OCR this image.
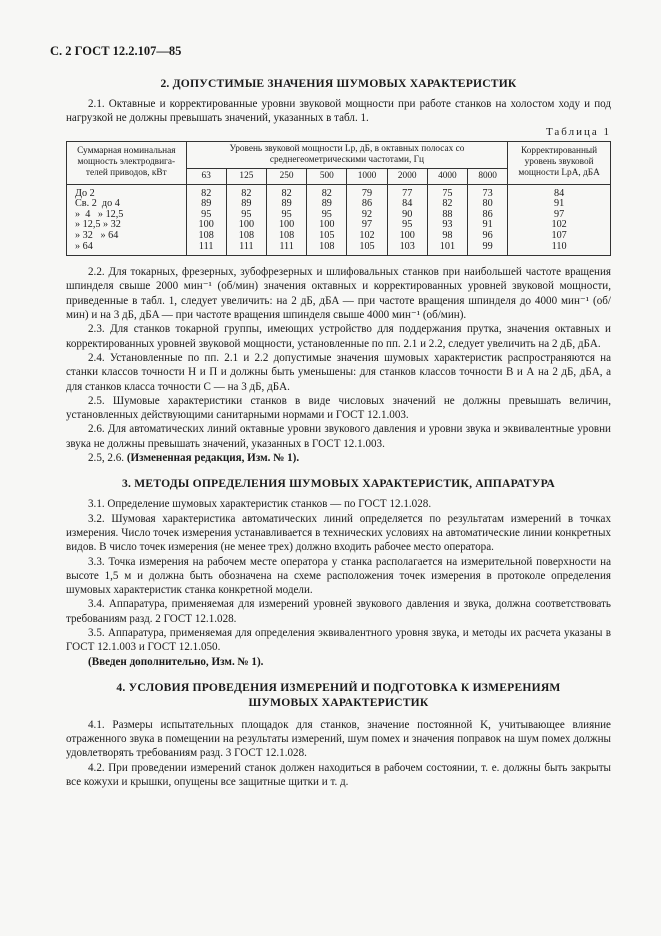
С. 2 ГОСТ 12.2.107—85
2. ДОПУСТИМЫЕ ЗНАЧЕНИЯ ШУМОВЫХ ХАРАКТЕРИСТИК

2.1. Октавные и корректированные уровни звуковой мощности при работе станков на холостом ходу и под нагрузкой не должны превышать значений, указанных в табл. 1.

Таблица 1
Суммарная номинальная мощность электродвигателей приводов, кВт	Уровень звуковой мощности Lp, дБ, в октавных полосах со среднегеометрическими частотами, Гц								Корректированный уровень звуковой мощности LpA, дБA
	63	125	250	500	1000	2000	4000	8000	
До 2	82	82	82	82	79	77	75	73	84
Св. 2  до 4	89	89	89	89	86	84	82	80	91
»  4   » 12,5	95	95	95	95	92	90	88	86	97
» 12,5 » 32	100	100	100	100	97	95	93	91	102
» 32   » 64	108	108	108	105	102	100	98	96	107
» 64	111	111	111	108	105	103	101	99	110

2.2. Для токарных, фрезерных, зубофрезерных и шлифовальных станков при наибольшей частоте вращения шпинделя свыше 2000 мин⁻¹ (об/мин) значения октавных и корректированных уровней звуковой мощности, приведенные в табл. 1, следует увеличить: на 2 дБ, дБA — при частоте вращения шпинделя до 4000 мин⁻¹ (об/мин) и на 3 дБ, дБA — при частоте вращения шпинделя свыше 4000 мин⁻¹ (об/мин).

2.3. Для станков токарной группы, имеющих устройство для поддержания прутка, значения октавных и корректированных уровней звуковой мощности, установленные по пп. 2.1 и 2.2, следует увеличить на 2 дБ, дБA.

2.4. Установленные по пп. 2.1 и 2.2 допустимые значения шумовых характеристик распространяются на станки классов точности Н и П и должны быть уменьшены: для станков классов точности В и А на 2 дБ, дБA, а для станков класса точности С — на 3 дБ, дБA.

2.5. Шумовые характеристики станков в виде числовых значений не должны превышать величин, установленных действующими санитарными нормами и ГОСТ 12.1.003.

2.6. Для автоматических линий октавные уровни звукового давления и уровни звука и эквивалентные уровни звука не должны превышать значений, указанных в ГОСТ 12.1.003.

2.5, 2.6. (Измененная редакция, Изм. № 1).

3. МЕТОДЫ ОПРЕДЕЛЕНИЯ ШУМОВЫХ ХАРАКТЕРИСТИК, АППАРАТУРА

3.1. Определение шумовых характеристик станков — по ГОСТ 12.1.028.

3.2. Шумовая характеристика автоматических линий определяется по результатам измерений в точках измерения. Число точек измерения устанавливается в технических условиях на автоматические линии конкретных видов. В число точек измерения (не менее трех) должно входить рабочее место оператора.

3.3. Точка измерения на рабочем месте оператора у станка располагается на измерительной поверхности на высоте 1,5 м и должна быть обозначена на схеме расположения точек измерения в протоколе определения шумовых характеристик станка конкретной модели.

3.4. Аппаратура, применяемая для измерений уровней звукового давления и звука, должна соответствовать требованиям разд. 2 ГОСТ 12.1.028.

3.5. Аппаратура, применяемая для определения эквивалентного уровня звука, и методы их расчета указаны в ГОСТ 12.1.003 и ГОСТ 12.1.050.

(Введен дополнительно, Изм. № 1).

4. УСЛОВИЯ ПРОВЕДЕНИЯ ИЗМЕРЕНИЙ И ПОДГОТОВКА К ИЗМЕРЕНИЯМ
ШУМОВЫХ ХАРАКТЕРИСТИК

4.1. Размеры испытательных площадок для станков, значение постоянной K, учитывающее влияние отраженного звука в помещении на результаты измерений, шум помех и значения поправок на шум помех должны удовлетворять требованиям разд. 3 ГОСТ 12.1.028.

4.2. При проведении измерений станок должен находиться в рабочем состоянии, т. е. должны быть закрыты все кожухи и крышки, опущены все защитные щитки и т. д.
